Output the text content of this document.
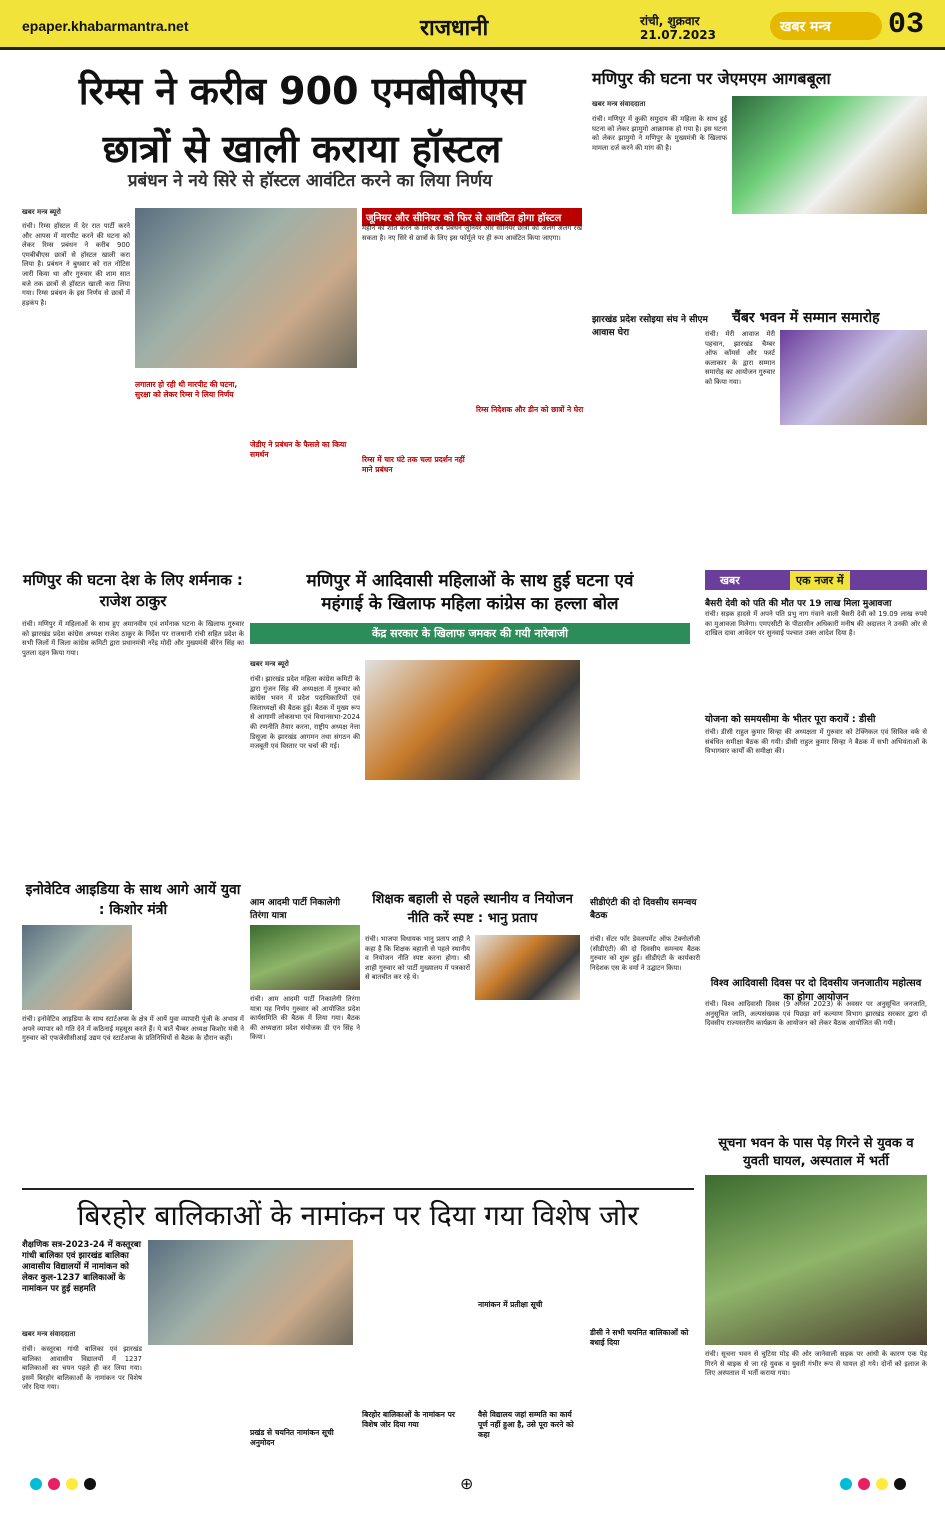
epaper.khabarmantra.net	राजधानी	रांची, शुक्रवार
21.07.2023	खबर मन्त्र	03
रिम्स ने करीब 900 एमबीबीएस
छात्रों से खाली कराया हॉस्टल
प्रबंधन ने नये सिरे से हॉस्टल आवंटित करने का लिया निर्णय
खबर मन्त्र ब्यूरो
रांची। रिम्स हॉस्टल में देर रात पार्टी करने और आपस में मारपीट करने की घटना को लेकर रिम्स प्रबंधन ने करीब 900 एमबीबीएस छात्रों से हॉस्टल खाली करा लिया है। प्रबंधन ने बुधवार को रात नोटिस जारी किया था और गुरुवार की शाम सात बजे तक छात्रों से हॉस्टल खाली करा लिया गया। रिम्स प्रबंधन के इस निर्णय से छात्रों में हड़कंप है।
जूनियर और सीनियर को फिर से आवंटित होगा हॉस्टल
महीने को शांत करने के लिए अब प्रबंधन जूनियर और सीनियर छात्रों को अलग अलग रख सकता है। नए सिरे से छात्रों के लिए इस फॉर्मूले पर ही रूम आवंटित किया जाएगा।
लगातार हो रही थी मारपीट की घटना, सुरक्षा को लेकर रिम्स ने लिया निर्णय
जेडीए ने प्रबंधन के फैसले का किया समर्थन
रिम्स में चार घंटे तक चला प्रदर्शन नहीं माने प्रबंधन
रिम्स निदेशक और डीन को छात्रों ने घेरा
मणिपुर की घटना पर जेएमएम आगबबूला
खबर मन्त्र संवाददाता
रांची। मणिपुर में कुकी समुदाय की महिला के साथ हुई घटना को लेकर झामुमो आक्रामक हो गया है। इस घटना को लेकर झामुमो ने मणिपुर के मुख्यमंत्री के खिलाफ मामला दर्ज करने की मांग की है।
झारखंड प्रदेश रसोइया संघ ने सीएम आवास घेरा
चैंबर भवन में सम्मान समारोह
रांची। मेरी आवाज मेरी पहचान, झारखंड चैम्बर ऑफ कॉमर्स और फर्स्ट कलाकार के द्वारा सम्मान समारोह का आयोजन गुरुवार को किया गया।
मणिपुर की घटना देश के लिए शर्मनाक : राजेश ठाकुर
रांची। मणिपुर में महिलाओं के साथ हुए अमानवीय एवं शर्मनाक घटना के खिलाफ गुरुवार को झारखंड प्रदेश कांग्रेस अध्यक्ष राजेश ठाकुर के निर्देश पर राजधानी रांची सहित प्रदेश के सभी जिलों में जिला कांग्रेस कमिटी द्वारा प्रधानमंत्री नरेंद्र मोदी और मुख्यमंत्री बीरेन सिंह का पुतला दहन किया गया।
मणिपुर में आदिवासी महिलाओं के साथ हुई घटना एवं
महंगाई के खिलाफ महिला कांग्रेस का हल्ला बोल
केंद्र सरकार के खिलाफ जमकर की गयी नारेबाजी
खबर मन्त्र ब्यूरो
रांची। झारखंड प्रदेश महिला कांग्रेस कमिटी के द्वारा गुंजन सिंह की अध्यक्षता में गुरुवार को कांग्रेस भवन में प्रदेश पदाधिकारियों एवं जिलाध्यक्षों की बैठक हुई। बैठक में मुख्य रूप से आगामी लोकसभा एवं विधानसभा-2024 की रणनीति तैयार करना, राष्ट्रीय अध्यक्ष नेत्ता डिसूजा के झारखंड आगमन तथा संगठन की मजबूती एवं विस्तार पर चर्चा की गई।
खबर	एक नजर में
बैसरी देवी को पति की मौत पर 19 लाख मिला मुआवजा
रांची। सड़क हादसे में अपने पति प्रभु नाग गंवाने वाली बैसरी देवी को 19.09 लाख रुपये का मुआवजा मिलेगा। एमएसीटी के पीठासीन अधिकारी मनीष की अदालत ने उनकी ओर से दाखिल दावा आवेदन पर सुनवाई पश्चात उक्त आदेश दिया है।
योजना को समयसीमा के भीतर पूरा करायें : डीसी
रांची। डीसी राहुल कुमार सिन्हा की अध्यक्षता में गुरुवार को टेक्निकल एवं सिविल वर्क से संबंधित समीक्षा बैठक की गयी। डीसी राहुल कुमार सिन्हा ने बैठक में सभी अभियंताओं के विभागवार कार्यों की समीक्षा की।
विश्व आदिवासी दिवस पर दो दिवसीय जनजातीय महोत्सव का होगा आयोजन
रांची। विश्व आदिवासी दिवस (9 अगस्त 2023) के अवसर पर अनुसूचित जनजाति, अनुसूचित जाति, अल्पसंख्यक एवं पिछड़ा वर्ग कल्याण विभाग झारखंड सरकार द्वारा दो दिवसीय राज्यस्तरीय कार्यक्रम के आयोजन को लेकर बैठक आयोजित की गयी।
इनोवेटिव आइडिया के साथ आगे आयें युवा : किशोर मंत्री
रांची। इनोवेटिव आइडिया के साथ स्टार्टअप्स के क्षेत्र में आयें युवा व्यापारी पूंजी के अभाव में अपने व्यापार को गति देने में कठिनाई महसूस करते हैं। ये बातें चैम्बर अध्यक्ष किशोर मंत्री ने गुरुवार को एफजेसीसीआई उद्यम एवं स्टार्टअप्स के प्रतिनिधियों से बैठक के दौरान कहीं।
आम आदमी पार्टी निकालेगी तिरंगा यात्रा
रांची। आम आदमी पार्टी निकालेगी तिरंगा यात्रा यह निर्णय गुरुवार को आयोजित प्रदेश कार्यसमिति की बैठक में लिया गया। बैठक की अध्यक्षता प्रदेश संयोजक डी एन सिंह ने किया।
शिक्षक बहाली से पहले स्थानीय व नियोजन नीति करें स्पष्ट : भानु प्रताप
रांची। भाजपा विधायक भानु प्रताप शाही ने कहा है कि शिक्षक बहाली से पहले स्थानीय व नियोजन नीति स्पष्ट करना होगा। श्री शाही गुरुवार को पार्टी मुख्यालय में पत्रकारों से बातचीत कर रहे थे।
सीडीएंटी की दो दिवसीय समन्वय बैठक
रांची। सेंटर फॉर डेवलपमेंट ऑफ टेक्नोलॉजी (सीडीएंटी) की दो दिवसीय समन्वय बैठक गुरुवार को शुरू हुई। सीडीएंटी के कार्यकारी निदेशक एस के वर्मा ने उद्घाटन किया।
बिरहोर बालिकाओं के नामांकन पर दिया गया विशेष जोर
शैक्षणिक सत्र-2023-24 में कस्तूरबा गांधी बालिका एवं झारखंड बालिका आवासीय विद्यालयों में नामांकन को लेकर कुल-1237 बालिकाओं के नामांकन पर हुई सहमति
खबर मन्त्र संवाददाता
रांची। कस्तूरबा गांधी बालिका एवं झारखंड बालिका आवासीय विद्यालयों में 1237 बालिकाओं का चयन पहले ही कर लिया गया। इसमें बिरहोर बालिकाओं के नामांकन पर विशेष जोर दिया गया।
नामांकन में प्रतीक्षा सूची
बिरहोर बालिकाओं के नामांकन पर विशेष जोर दिया गया
प्रखंड से चयनित नामांकन सूची अनुमोदन
वैसे विद्यालय जहां सम्मति का कार्य पूर्ण नहीं हुआ है, उसे पूरा करने को कहा
डीसी ने सभी चयनित बालिकाओं को बधाई दिया
सूचना भवन के पास पेड़ गिरने से युवक व युवती घायल, अस्पताल में भर्ती
रांची। सूचना भवन से चुटिया मोड़ की ओर जानेवाली सड़क पर आंधी के कारण एक पेड़ गिरने से बाइक से जा रहे युवक व युवती गंभीर रूप से घायल हो गये। दोनों को इलाज के लिए अस्पताल में भर्ती कराया गया।
⊕
